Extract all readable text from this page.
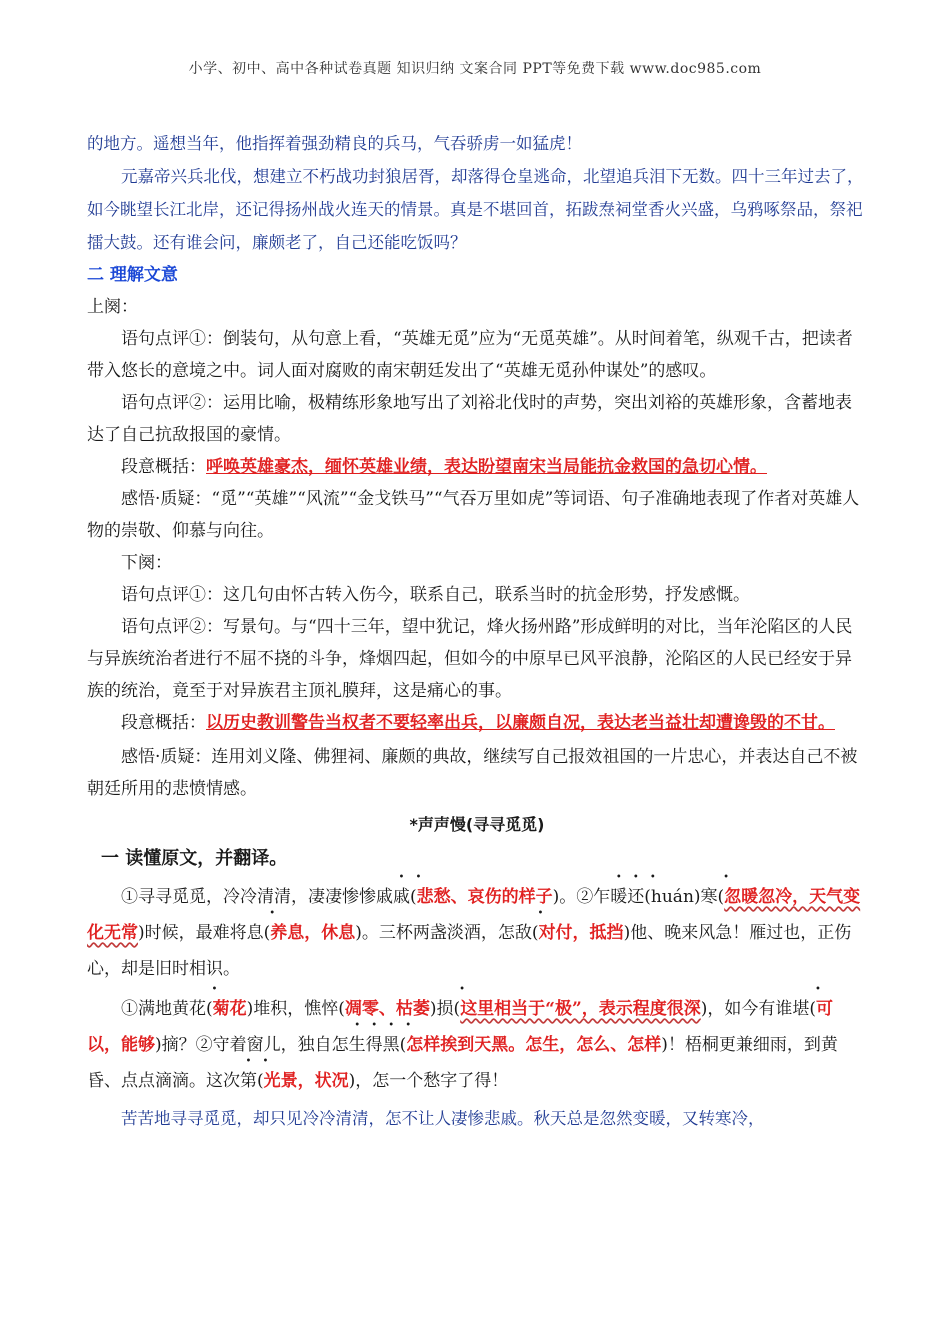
小学、初中、高中各种试卷真题 知识归纳 文案合同 PPT等免费下载 www.doc985.com

的地方。遥想当年，他指挥着强劲精良的兵马，气吞骄虏一如猛虎！

元嘉帝兴兵北伐，想建立不朽战功封狼居胥，却落得仓皇逃命，北望追兵泪下无数。四十三年过去了，如今眺望长江北岸，还记得扬州战火连天的情景。真是不堪回首，拓跋焘祠堂香火兴盛，乌鸦啄祭品，祭祀擂大鼓。还有谁会问，廉颇老了，自己还能吃饭吗？

二 理解文意

上阕：

语句点评①：倒装句，从句意上看，“英雄无觅”应为“无觅英雄”。从时间着笔，纵观千古，把读者带入悠长的意境之中。词人面对腐败的南宋朝廷发出了“英雄无觅孙仲谋处”的感叹。

语句点评②：运用比喻，极精练形象地写出了刘裕北伐时的声势，突出刘裕的英雄形象，含蓄地表达了自己抗敌报国的豪情。

段意概括：呼唤英雄豪杰，缅怀英雄业绩，表达盼望南宋当局能抗金救国的急切心情。

感悟·质疑：“觅”“英雄”“风流”“金戈铁马”“气吞万里如虎”等词语、句子准确地表现了作者对英雄人物的崇敬、仰慕与向往。

下阕：

语句点评①：这几句由怀古转入伤今，联系自己，联系当时的抗金形势，抒发感慨。

语句点评②：写景句。与“四十三年，望中犹记，烽火扬州路”形成鲜明的对比，当年沦陷区的人民与异族统治者进行不屈不挠的斗争，烽烟四起，但如今的中原早已风平浪静，沦陷区的人民已经安于异族的统治，竟至于对异族君主顶礼膜拜，这是痛心的事。

段意概括：以历史教训警告当权者不要轻率出兵，以廉颇自况，表达老当益壮却遭谗毁的不甘。

感悟·质疑：连用刘义隆、佛狸祠、廉颇的典故，继续写自己报效祖国的一片忠心，并表达自己不被朝廷所用的悲愤情感。

*声声慢(寻寻觅觅)

一 读懂原文，并翻译。

①寻寻觅觅，冷冷清清，凄凄惨惨戚戚(悲愁、哀伤的样子)。②乍暖还(huán)寒(忽暖忽冷，天气变化无常)时候，最难将息(养息，休息)。三杯两盏淡酒，怎敌(对付，抵挡)他、晚来风急！雁过也，正伤心，却是旧时相识。

①满地黄花(菊花)堆积，憔悴(凋零、枯萎)损(这里相当于“极”，表示程度很深)，如今有谁堪(可以，能够)摘？②守着窗儿，独自怎生得黑(怎样挨到天黑。怎生，怎么、怎样)！梧桐更兼细雨，到黄昏、点点滴滴。这次第(光景，状况)，怎一个愁字了得！

苦苦地寻寻觅觅，却只见冷冷清清，怎不让人凄惨悲戚。秋天总是忽然变暖，又转寒冷，
